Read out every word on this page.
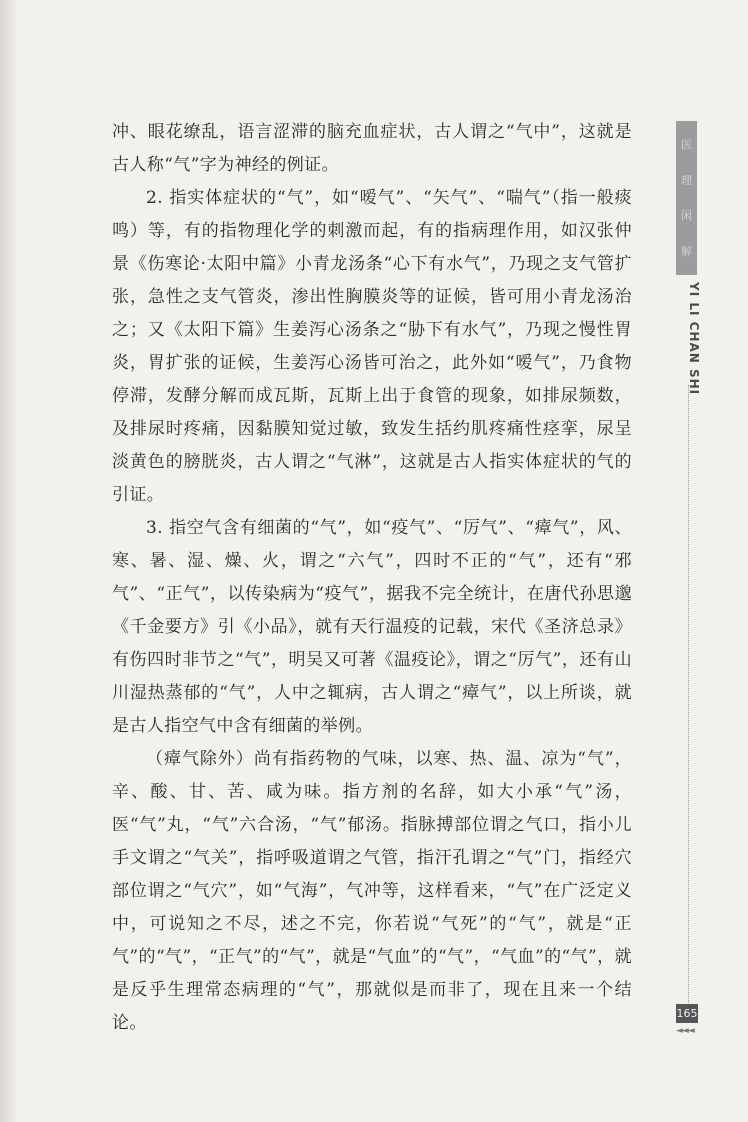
冲、眼花缭乱，语言涩滞的脑充血症状，古人谓之“气中”，这就是古人称“气”字为神经的例证。

2. 指实体症状的“气”，如“嗳气”、“矢气”、“喘气”（指一般痰鸣）等，有的指物理化学的刺激而起，有的指病理作用，如汉张仲景《伤寒论·太阳中篇》小青龙汤条“心下有水气”，乃现之支气管扩张，急性之支气管炎，渗出性胸膜炎等的证候，皆可用小青龙汤治之；又《太阳下篇》生姜泻心汤条之“胁下有水气”，乃现之慢性胃炎，胃扩张的证候，生姜泻心汤皆可治之，此外如“嗳气”，乃食物停滞，发酵分解而成瓦斯，瓦斯上出于食管的现象，如排尿频数，及排尿时疼痛，因黏膜知觉过敏，致发生括约肌疼痛性痉挛，尿呈淡黄色的膀胱炎，古人谓之“气淋”，这就是古人指实体症状的气的引证。

3. 指空气含有细菌的“气”，如“疫气”、“厉气”、“瘴气”，风、寒、暑、湿、燥、火，谓之“六气”，四时不正的“气”，还有“邪气”、“正气”，以传染病为“疫气”，据我不完全统计，在唐代孙思邈《千金要方》引《小品》，就有天行温疫的记载，宋代《圣济总录》有伤四时非节之“气”，明吴又可著《温疫论》，谓之“厉气”，还有山川湿热蒸郁的“气”，人中之辄病，古人谓之“瘴气”，以上所谈，就是古人指空气中含有细菌的举例。

（瘴气除外）尚有指药物的气味，以寒、热、温、凉为“气”，辛、酸、甘、苦、咸为味。指方剂的名辞，如大小承“气”汤，医“气”丸，“气”六合汤，“气”郁汤。指脉搏部位谓之气口，指小儿手文谓之“气关”，指呼吸道谓之气管，指汗孔谓之“气”门，指经穴部位谓之“气穴”，如“气海”，气冲等，这样看来，“气”在广泛定义中，可说知之不尽，述之不完，你若说“气死”的“气”，就是“正气”的“气”，“正气”的“气”，就是“气血”的“气”，“气血”的“气”，就是反乎生理常态病理的“气”，那就似是而非了，现在且来一个结论。

医
理
闲
解
YI LI CHAN SHI
165
◄◄◄
